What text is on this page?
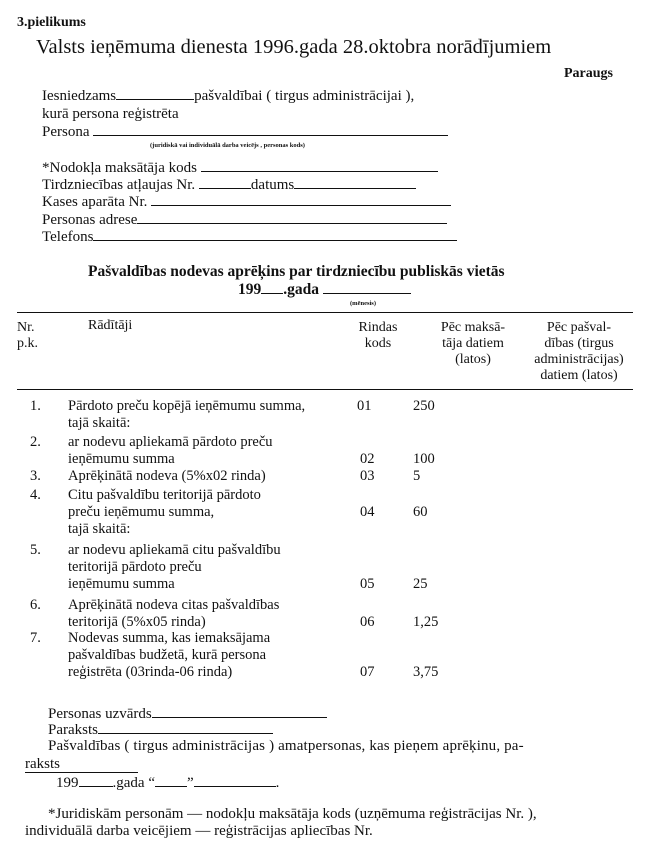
3.pielikums
Valsts ieņēmuma dienesta 1996.gada 28.oktobra norādījumiem
Paraugs
Iesniedzams	pašvaldībai ( tirgus administrācijai ),
kurā persona reģistrēta
Persona
(juridiskā vai individuālā darba veicējs , personas kods)
*Nodokļa maksātāja kods
Tirdzniecības atļaujas Nr.	datums
Kases aparāta Nr.
Personas adrese
Telefons
Pašvaldības nodevas aprēķins par tirdzniecību publiskās vietās
199 .gada
(mēnesis)
Nr.
p.k.
Rādītāji	Rindas
kods
Pēc maksā-
tāja datiem
(latos)
Pēc pašval-
dības (tirgus
administrācijas)
datiem (latos)
1. Pārdoto preču kopējā ieņēmumu summa,
tajā skaitā:
01	250
2. ar nodevu apliekamā pārdoto preču
ieņēmumu summa	02	100
3. Aprēķinātā nodeva (5%x02 rinda)	03	5
4. Citu pašvaldību teritorijā pārdoto
preču ieņēmumu summa,
tajā skaitā:
04	60
5. ar nodevu apliekamā citu pašvaldību
teritorijā pārdoto preču
ieņēmumu summa	05	25
6. Aprēķinātā nodeva citas pašvaldības
teritorijā (5%x05 rinda)	06	1,25
7. Nodevas summa, kas iemaksājama
pašvaldības budžetā, kurā persona
reģistrēta (03rinda-06 rinda)	07	3,75
Personas uzvārds
Paraksts
Pašvaldības ( tirgus administrācijas ) amatpersonas, kas pieņem aprēķinu, pa-
raksts
199 .gada “ ”	.
*Juridiskām personām — nodokļu maksātāja kods (uzņēmuma reģistrācijas Nr. ),
individuālā darba veicējiem — reģistrācijas apliecības Nr.
